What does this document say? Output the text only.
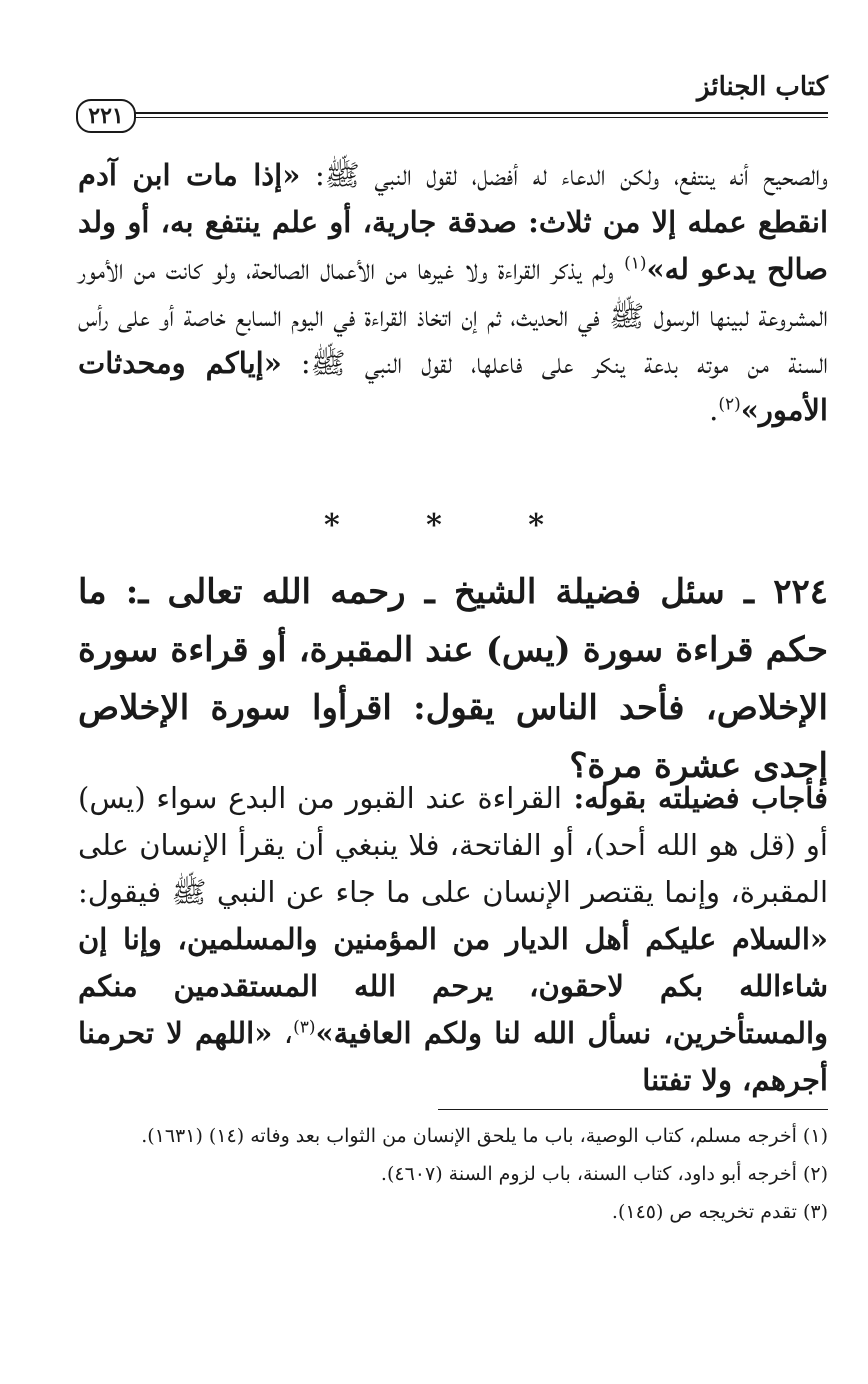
كتاب الجنائز
٢٢١
والصحيح أنه ينتفع، ولكن الدعاء له أفضل، لقول النبي ﷺ: «إذا مات ابن آدم انقطع عمله إلا من ثلاث: صدقة جارية، أو علم ينتفع به، أو ولد صالح يدعو له»$^{(١)}$ ولم يذكر القراءة ولا غيرها من الأعمال الصالحة، ولو كانت من الأمور المشروعة لبينها الرسول ﷺ في الحديث، ثم إن اتخاذ القراءة في اليوم السابع خاصة أو على رأس السنة من موته بدعة ينكر على فاعلها، لقول النبي ﷺ: «إياكم ومحدثات الأمور»$^{(٢)}$.
* * *
٢٢٤ ـ سئل فضيلة الشيخ ـ رحمه الله تعالى ـ: ما حكم قراءة سورة (يس) عند المقبرة، أو قراءة سورة الإخلاص، فأحد الناس يقول: اقرأوا سورة الإخلاص إحدى عشرة مرة؟
فأجاب فضيلته بقوله: القراءة عند القبور من البدع سواء (يس) أو (قل هو الله أحد)، أو الفاتحة، فلا ينبغي أن يقرأ الإنسان على المقبرة، وإنما يقتصر الإنسان على ما جاء عن النبي ﷺ فيقول: «السلام عليكم أهل الديار من المؤمنين والمسلمين، وإنا إن شاءالله بكم لاحقون، يرحم الله المستقدمين منكم والمستأخرين، نسأل الله لنا ولكم العافية»$^{(٣)}$، «اللهم لا تحرمنا أجرهم، ولا تفتنا

(١) أخرجه مسلم، كتاب الوصية، باب ما يلحق الإنسان من الثواب بعد وفاته (١٤) (١٦٣١).

(٢) أخرجه أبو داود، كتاب السنة، باب لزوم السنة (٤٦٠٧).

(٣) تقدم تخريجه ص (١٤٥).
